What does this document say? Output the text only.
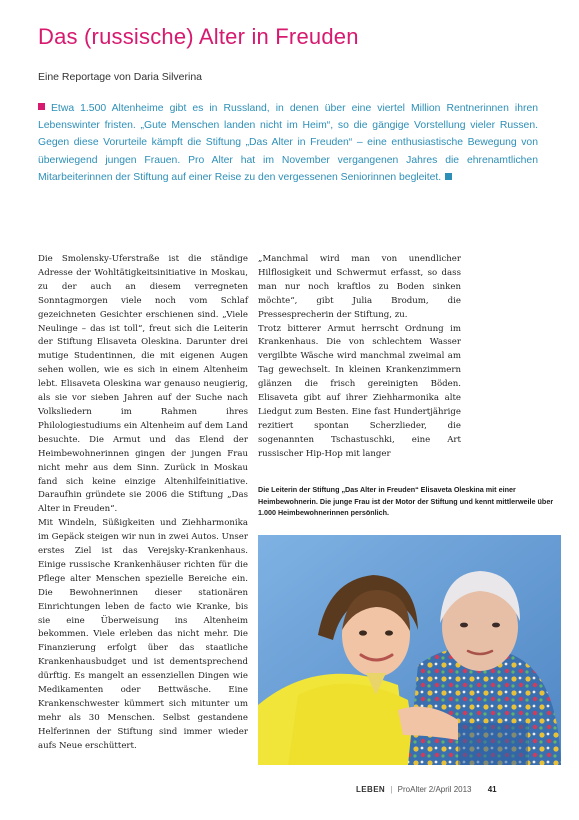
Das (russische) Alter in Freuden
Eine Reportage von Daria Silverina
Etwa 1.500 Altenheime gibt es in Russland, in denen über eine viertel Million Rentnerinnen ihren Lebenswinter fristen. „Gute Menschen landen nicht im Heim“, so die gängige Vorstellung vieler Russen. Gegen diese Vorurteile kämpft die Stiftung „Das Alter in Freuden“ – eine enthusiastische Bewegung von überwiegend jungen Frauen. Pro Alter hat im November vergangenen Jahres die ehrenamtlichen Mitarbeiterinnen der Stiftung auf einer Reise zu den vergessenen Seniorinnen begleitet.

Die Smolensky-Uferstraße ist die ständige Adresse der Wohltätigkeitsinitiative in Moskau, zu der auch an diesem verregneten Sonntagmorgen viele noch vom Schlaf gezeichneten Gesichter erschienen sind. „Viele Neulinge – das ist toll“, freut sich die Leiterin der Stiftung Elisaveta Oleskina. Darunter drei mutige Studentinnen, die mit eigenen Augen sehen wollen, wie es sich in einem Altenheim lebt. Elisaveta Oleskina war genauso neugierig, als sie vor sieben Jahren auf der Suche nach Volksliedern im Rahmen ihres Philologiestudiums ein Altenheim auf dem Land besuchte. Die Armut und das Elend der Heimbewohnerinnen gingen der jungen Frau nicht mehr aus dem Sinn. Zurück in Moskau fand sich keine einzige Altenhilfeinitiative. Daraufhin gründete sie 2006 die Stiftung „Das Alter in Freuden“.

Mit Windeln, Süßigkeiten und Ziehharmonika im Gepäck steigen wir nun in zwei Autos. Unser erstes Ziel ist das Verejsky-Krankenhaus. Einige russische Krankenhäuser richten für die Pflege alter Menschen spezielle Bereiche ein. Die Bewohnerinnen dieser stationären Einrichtungen leben de facto wie Kranke, bis sie eine Überweisung ins Altenheim bekommen. Viele erleben das nicht mehr. Die Finanzierung erfolgt über das staatliche Krankenhausbudget und ist dementsprechend dürftig. Es mangelt an essenziellen Dingen wie Medikamenten oder Bettwäsche. Eine Krankenschwester kümmert sich mitunter um mehr als 30 Menschen. Selbst gestandene Helferinnen der Stiftung sind immer wieder aufs Neue erschüttert.

„Manchmal wird man von unendlicher Hilflosigkeit und Schwermut erfasst, so dass man nur noch kraftlos zu Boden sinken möchte“, gibt Julia Brodum, die Pressesprecherin der Stiftung, zu.

Trotz bitterer Armut herrscht Ordnung im Krankenhaus. Die von schlechtem Wasser vergilbte Wäsche wird manchmal zweimal am Tag gewechselt. In kleinen Krankenzimmern glänzen die frisch gereinigten Böden. Elisaveta gibt auf ihrer Ziehharmonika alte Liedgut zum Besten. Eine fast Hundertjährige rezitiert spontan Scherzlieder, die sogenannten Tschastuschki, eine Art russischer Hip-Hop mit langer

Die Leiterin der Stiftung „Das Alter in Freuden“ Elisaveta Oleskina mit einer Heimbewohnerin. Die junge Frau ist der Motor der Stiftung und kennt mittlerweile über 1.000 Heimbewohnerinnen persönlich.
LEBEN | ProAlter 2/April 2013 41
